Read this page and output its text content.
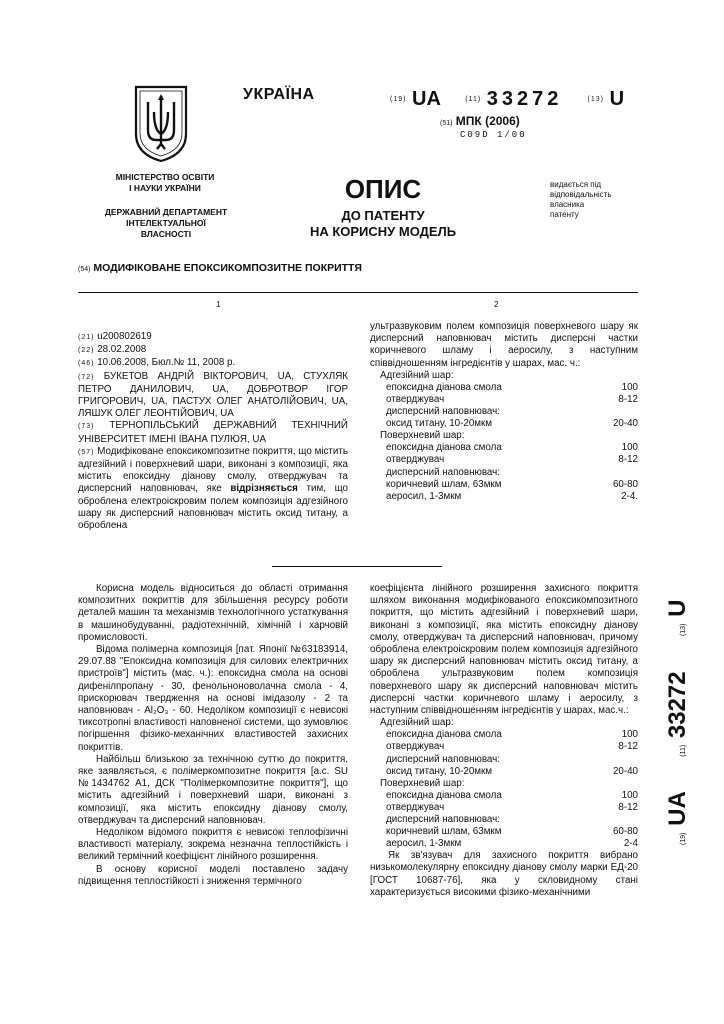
УКРАЇНА	(19) UA	(11) 33272	(13) U
(51) МПК (2006)
C09D 1/00
МІНІСТЕРСТВО ОСВІТИ
І НАУКИ УКРАЇНИ
ДЕРЖАВНИЙ ДЕПАРТАМЕНТ
ІНТЕЛЕКТУАЛЬНОЇ
ВЛАСНОСТІ
ОПИС
ДО ПАТЕНТУ
НА КОРИСНУ МОДЕЛЬ
видається під
відповідальність
власника
патенту
(54) МОДИФІКОВАНЕ ЕПОКСИКОМПОЗИТНЕ ПОКРИТТЯ
1	2

(21) u200802619

(22) 28.02.2008

(46) 10.06.2008, Бюл.№ 11, 2008 р.

(72) БУКЕТОВ АНДРІЙ ВІКТОРОВИЧ, UA, СТУХЛЯК ПЕТРО ДАНИЛОВИЧ, UA, ДОБРОТВОР ІГОР ГРИГОРОВИЧ, UA, ПАСТУХ ОЛЕГ АНАТОЛІЙОВИЧ, UA, ЛЯШУК ОЛЕГ ЛЕОНТІЙОВИЧ, UA

(73) ТЕРНОПІЛЬСЬКИЙ ДЕРЖАВНИЙ ТЕХНІЧНИЙ УНІВЕРСИТЕТ ІМЕНІ ІВАНА ПУЛЮЯ, UA

(57) Модифіковане епоксикомпозитне покриття, що містить адгезійний і поверхневий шари, виконані з композиції, яка містить епоксидну діанову смолу, отверджувач та дисперсний наповнювач, яке відрізняється тим, що оброблена електроіскровим полем композиція адгезійного шару як дисперсний наповнювач містить оксид титану, а оброблена

ультразвуковим полем композиція поверхневого шару як дисперсний наповнювач містить дисперсні частки коричневого шламу і аеросилу, з наступним співвідношенням інгредієнтів у шарах, мас. ч.:

Адгезійний шар:	
епоксидна діанова смола	100
отверджувач	8-12
дисперсний наповнювач:	
оксид титану, 10-20мкм	20-40
Поверхневий шар:	
епоксидна діанова смола	100
отверджувач	8-12
дисперсний наповнювач:	
коричневий шлам, 63мкм	60-80
аеросил, 1-3мкм	2-4.

Корисна модель відноситься до області отримання композитних покриттів для збільшення ресурсу роботи деталей машин та механізмів технологічного устаткування в машинобудуванні, радіотехнічній, хімічній і харчовій промисловості.

Відома полімерна композиція [пат. Японії №63183914, 29.07.88 "Епоксидна композиція для силових електричних пристроїв"] містить (мас. ч.): епоксидна смола на основі дифенілпропану - 30, фенольноноволачна смола - 4, прискорювач твердження на основі імідазолу - 2 та наповнювач - Al₂O₃ - 60. Недоліком композиції є невисокі тиксотропні властивості наповненої системи, що зумовлює погіршення фізико-механічних властивостей захисних покриттів.

Найбільш близькою за технічною суттю до покриття, яке заявляється, є полімеркомпозитне покриття [а.с. SU №1434762 А1, ДСК "Полімеркомпозитне покриття"], що містить адгезійний і поверхневий шари, виконані з композиції, яка містить епоксидну діанову смолу, отверджувач та дисперсний наповнювач.

Недоліком відомого покриття є невисокі теплофізичні властивості матеріалу, зокрема незначна теплостійкість і великий термічний коефіцієнт лінійного розширення.

В основу корисної моделі поставлено задачу підвищення теплостійкості і зниження термічного

коефіцієнта лінійного розширення захисного покриття шляхом виконання модифікованого епоксикомпозитного покриття, що містить адгезійний і поверхневий шари, виконані з композиції, яка містить епоксидну діанову смолу, отверджувач та дисперсний наповнювач, причому оброблена електроіскровим полем композиція адгезійного шару як дисперсний наповнювач містить оксид титану, а оброблена ультразвуковим полем композиція поверхневого шару як дисперсний наповнювач містить дисперсні частки коричневого шламу і аеросилу, з наступним співвідношенням інгредієнтів у шарах, мас.ч.:

Адгезійний шар:	
епоксидна діанова смола	100
отверджувач	8-12
дисперсний наповнювач:	
оксид титану, 10-20мкм	20-40
Поверхневий шар:	
епоксидна діанова смола	100
отверджувач	8-12
дисперсний наповнювач:	
коричневий шлам, 63мкм	60-80
аеросил, 1-3мкм	2-4

Як зв'язувач для захисного покриття вибрано низькомолекулярну епоксидну діанову смолу марки ЕД-20 [ГОСТ 10687-76], яка у склoвидному стані характеризується високими фізико-механічними

(19) UA  (11) 33272  (13) U
